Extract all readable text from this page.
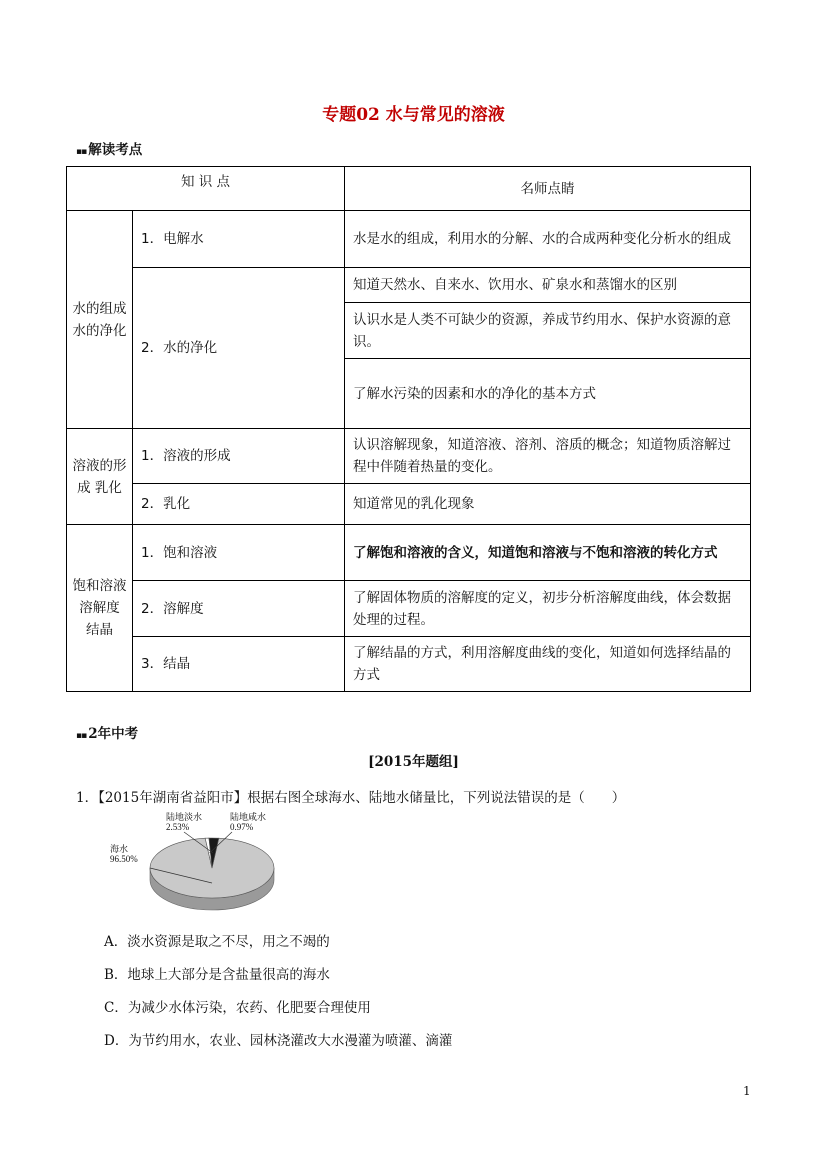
专题02 水与常见的溶液
▪▪ 解读考点
知 识 点		名师点睛
水的组成 水的净化	1．电解水	水是水的组成，利用水的分解、水的合成两种变化分析水的组成
	2．水的净化	知道天然水、自来水、饮用水、矿泉水和蒸馏水的区别
		认识水是人类不可缺少的资源，养成节约用水、保护水资源的意识。
		了解水污染的因素和水的净化的基本方式
溶液的形成 乳化	1．溶液的形成	认识溶解现象，知道溶液、溶剂、溶质的概念；知道物质溶解过程中伴随着热量的变化。
	2．乳化	知道常见的乳化现象
饱和溶液 溶解度 结晶	1．饱和溶液	了解饱和溶液的含义，知道饱和溶液与不饱和溶液的转化方式
	2．溶解度	了解固体物质的溶解度的定义，初步分析溶解度曲线，体会数据处理的过程。
	3．结晶	了解结晶的方式，利用溶解度曲线的变化，知道如何选择结晶的方式
▪▪ 2年中考
[2015年题组]
1．【2015年湖南省益阳市】根据右图全球海水、陆地水储量比，下列说法错误的是（　　）
海水
96.50%
陆地淡水
2.53%
陆地咸水
0.97%
A．淡水资源是取之不尽，用之不竭的
B．地球上大部分是含盐量很高的海水
C．为减少水体污染，农药、化肥要合理使用
D．为节约用水，农业、园林浇灌改大水漫灌为喷灌、滴灌
1
